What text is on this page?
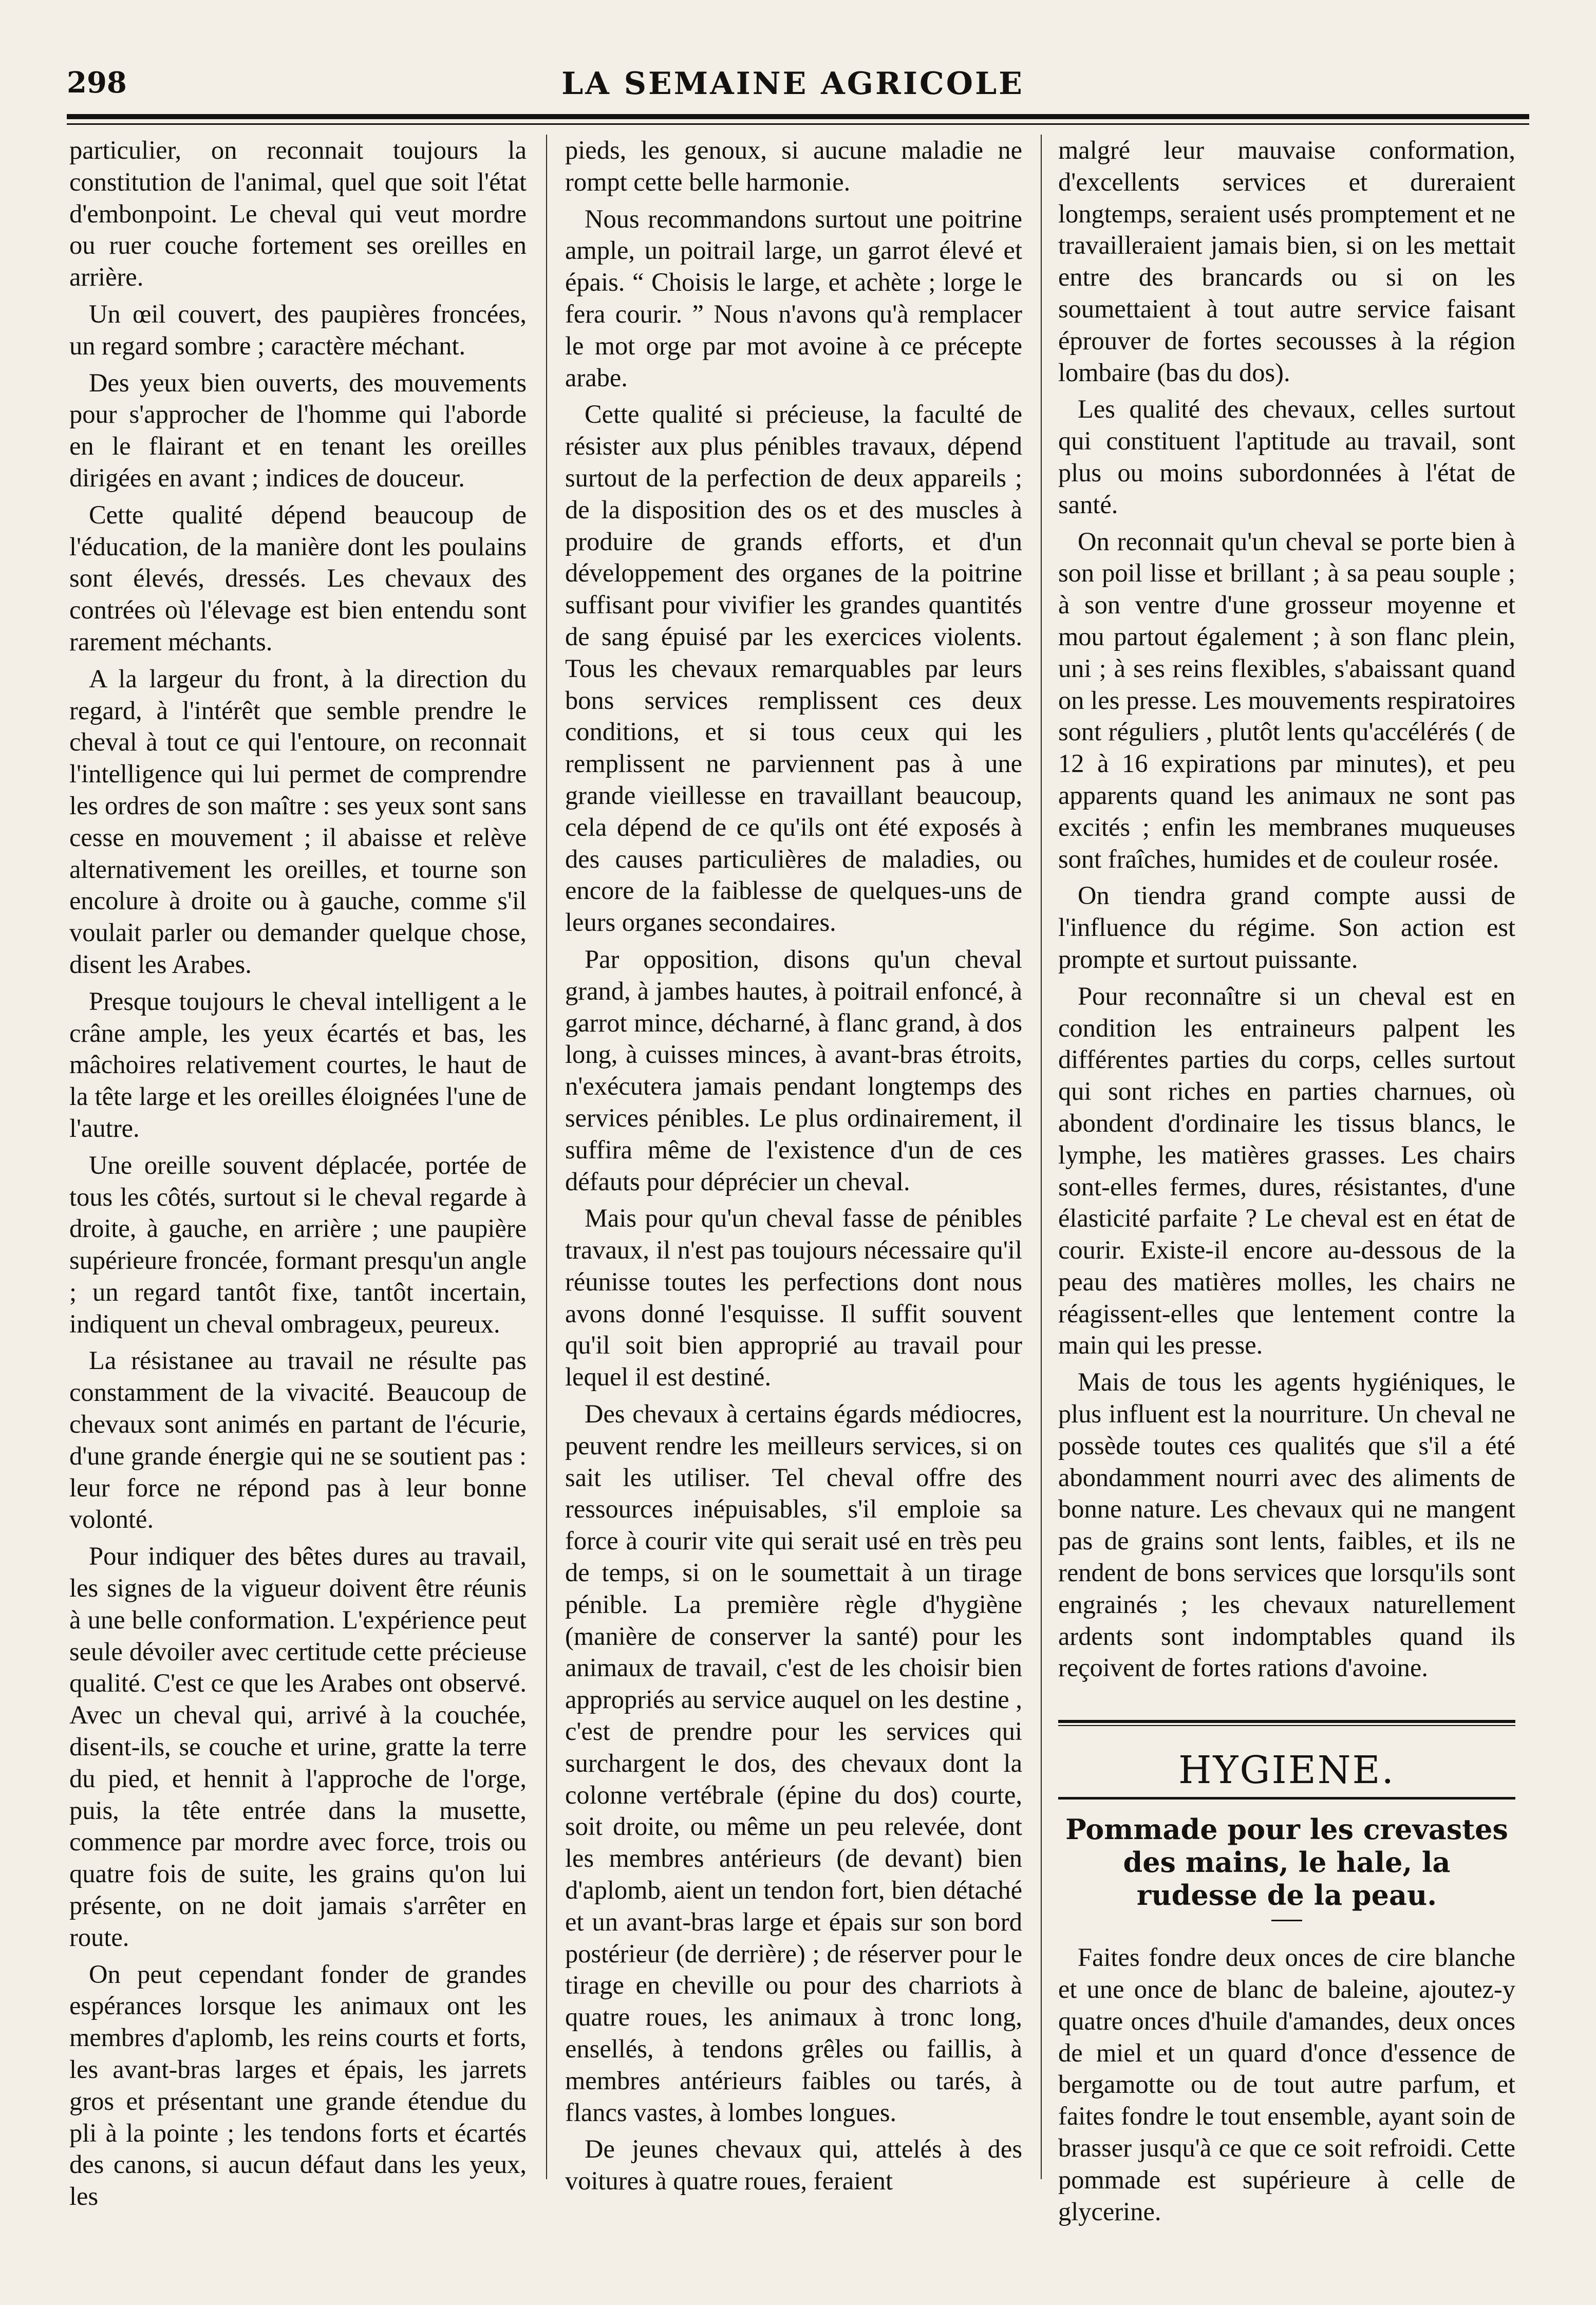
298	LA SEMAINE AGRICOLE

particulier, on reconnait toujours la constitution de l'animal, quel que soit l'état d'embonpoint. Le cheval qui veut mordre ou ruer couche fortement ses oreilles en arrière.

Un œil couvert, des paupières froncées, un regard sombre ; caractère méchant.

Des yeux bien ouverts, des mouvements pour s'approcher de l'homme qui l'aborde en le flairant et en tenant les oreilles dirigées en avant ; indices de douceur.

Cette qualité dépend beaucoup de l'éducation, de la manière dont les poulains sont élevés, dressés. Les chevaux des contrées où l'élevage est bien entendu sont rarement méchants.

A la largeur du front, à la direction du regard, à l'intérêt que semble prendre le cheval à tout ce qui l'entoure, on reconnait l'intelligence qui lui permet de comprendre les ordres de son maître : ses yeux sont sans cesse en mouvement ; il abaisse et relève alternativement les oreilles, et tourne son encolure à droite ou à gauche, comme s'il voulait parler ou demander quelque chose, disent les Arabes.

Presque toujours le cheval intelligent a le crâne ample, les yeux écartés et bas, les mâchoires relativement courtes, le haut de la tête large et les oreilles éloignées l'une de l'autre.

Une oreille souvent déplacée, portée de tous les côtés, surtout si le cheval regarde à droite, à gauche, en arrière ; une paupière supérieure froncée, formant presqu'un angle ; un regard tantôt fixe, tantôt incertain, indiquent un cheval ombrageux, peureux.

La résistanee au travail ne résulte pas constamment de la vivacité. Beaucoup de chevaux sont animés en partant de l'écurie, d'une grande énergie qui ne se soutient pas : leur force ne répond pas à leur bonne volonté.

Pour indiquer des bêtes dures au travail, les signes de la vigueur doivent être réunis à une belle conformation. L'expérience peut seule dévoiler avec certitude cette précieuse qualité. C'est ce que les Arabes ont observé. Avec un cheval qui, arrivé à la couchée, disent-ils, se couche et urine, gratte la terre du pied, et hennit à l'approche de l'orge, puis, la tête entrée dans la musette, commence par mordre avec force, trois ou quatre fois de suite, les grains qu'on lui présente, on ne doit jamais s'arrêter en route.

On peut cependant fonder de grandes espérances lorsque les animaux ont les membres d'aplomb, les reins courts et forts, les avant-bras larges et épais, les jarrets gros et présentant une grande étendue du pli à la pointe ; les tendons forts et écartés des canons, si aucun défaut dans les yeux, les

pieds, les genoux, si aucune maladie ne rompt cette belle harmonie.

Nous recommandons surtout une poitrine ample, un poitrail large, un garrot élevé et épais. “ Choisis le large, et achète ; lorge le fera courir. ” Nous n'avons qu'à remplacer le mot orge par mot avoine à ce précepte arabe.

Cette qualité si précieuse, la faculté de résister aux plus pénibles travaux, dépend surtout de la perfection de deux appareils ; de la disposition des os et des muscles à produire de grands efforts, et d'un développement des organes de la poitrine suffisant pour vivifier les grandes quantités de sang épuisé par les exercices violents. Tous les chevaux remarquables par leurs bons services remplissent ces deux conditions, et si tous ceux qui les remplissent ne parviennent pas à une grande vieillesse en travaillant beaucoup, cela dépend de ce qu'ils ont été exposés à des causes particulières de maladies, ou encore de la faiblesse de quelques-uns de leurs organes secondaires.

Par opposition, disons qu'un cheval grand, à jambes hautes, à poitrail enfoncé, à garrot mince, décharné, à flanc grand, à dos long, à cuisses minces, à avant-bras étroits, n'exécutera jamais pendant longtemps des services pénibles. Le plus ordinairement, il suffira même de l'existence d'un de ces défauts pour déprécier un cheval.

Mais pour qu'un cheval fasse de pénibles travaux, il n'est pas toujours nécessaire qu'il réunisse toutes les perfections dont nous avons donné l'esquisse. Il suffit souvent qu'il soit bien approprié au travail pour lequel il est destiné.

Des chevaux à certains égards médiocres, peuvent rendre les meilleurs services, si on sait les utiliser. Tel cheval offre des ressources inépuisables, s'il emploie sa force à courir vite qui serait usé en très peu de temps, si on le soumettait à un tirage pénible. La première règle d'hygiène (manière de conserver la santé) pour les animaux de travail, c'est de les choisir bien appropriés au service auquel on les destine , c'est de prendre pour les services qui surchargent le dos, des chevaux dont la colonne vertébrale (épine du dos) courte, soit droite, ou même un peu relevée, dont les membres antérieurs (de devant) bien d'aplomb, aient un tendon fort, bien détaché et un avant-bras large et épais sur son bord postérieur (de derrière) ; de réserver pour le tirage en cheville ou pour des charriots à quatre roues, les animaux à tronc long, ensellés, à tendons grêles ou faillis, à membres antérieurs faibles ou tarés, à flancs vastes, à lombes longues.

De jeunes chevaux qui, attelés à des voitures à quatre roues, feraient

malgré leur mauvaise conformation, d'excellents services et dureraient longtemps, seraient usés promptement et ne travailleraient jamais bien, si on les mettait entre des brancards ou si on les soumettaient à tout autre service faisant éprouver de fortes secousses à la région lombaire (bas du dos).

Les qualité des chevaux, celles surtout qui constituent l'aptitude au travail, sont plus ou moins subordonnées à l'état de santé.

On reconnait qu'un cheval se porte bien à son poil lisse et brillant ; à sa peau souple ; à son ventre d'une grosseur moyenne et mou partout également ; à son flanc plein, uni ; à ses reins flexibles, s'abaissant quand on les presse. Les mouvements respiratoires sont réguliers , plutôt lents qu'accélérés ( de 12 à 16 expirations par minutes), et peu apparents quand les animaux ne sont pas excités ; enfin les membranes muqueuses sont fraîches, humides et de couleur rosée.

On tiendra grand compte aussi de l'influence du régime. Son action est prompte et surtout puissante.

Pour reconnaître si un cheval est en condition les entraineurs palpent les différentes parties du corps, celles surtout qui sont riches en parties charnues, où abondent d'ordinaire les tissus blancs, le lymphe, les matières grasses. Les chairs sont-elles fermes, dures, résistantes, d'une élasticité parfaite ? Le cheval est en état de courir. Existe-il encore au-dessous de la peau des matières molles, les chairs ne réagissent-elles que lentement contre la main qui les presse.

Mais de tous les agents hygiéniques, le plus influent est la nourriture. Un cheval ne possède toutes ces qualités que s'il a été abondamment nourri avec des aliments de bonne nature. Les chevaux qui ne mangent pas de grains sont lents, faibles, et ils ne rendent de bons services que lorsqu'ils sont engrainés ; les chevaux naturellement ardents sont indomptables quand ils reçoivent de fortes rations d'avoine.

HYGIENE.

Pommade pour les crevastes des mains, le hale, la rudesse de la peau.

Faites fondre deux onces de cire blanche et une once de blanc de baleine, ajoutez-y quatre onces d'huile d'amandes, deux onces de miel et un quard d'once d'essence de bergamotte ou de tout autre parfum, et faites fondre le tout ensemble, ayant soin de brasser jusqu'à ce que ce soit refroidi. Cette pommade est supérieure à celle de glycerine.
